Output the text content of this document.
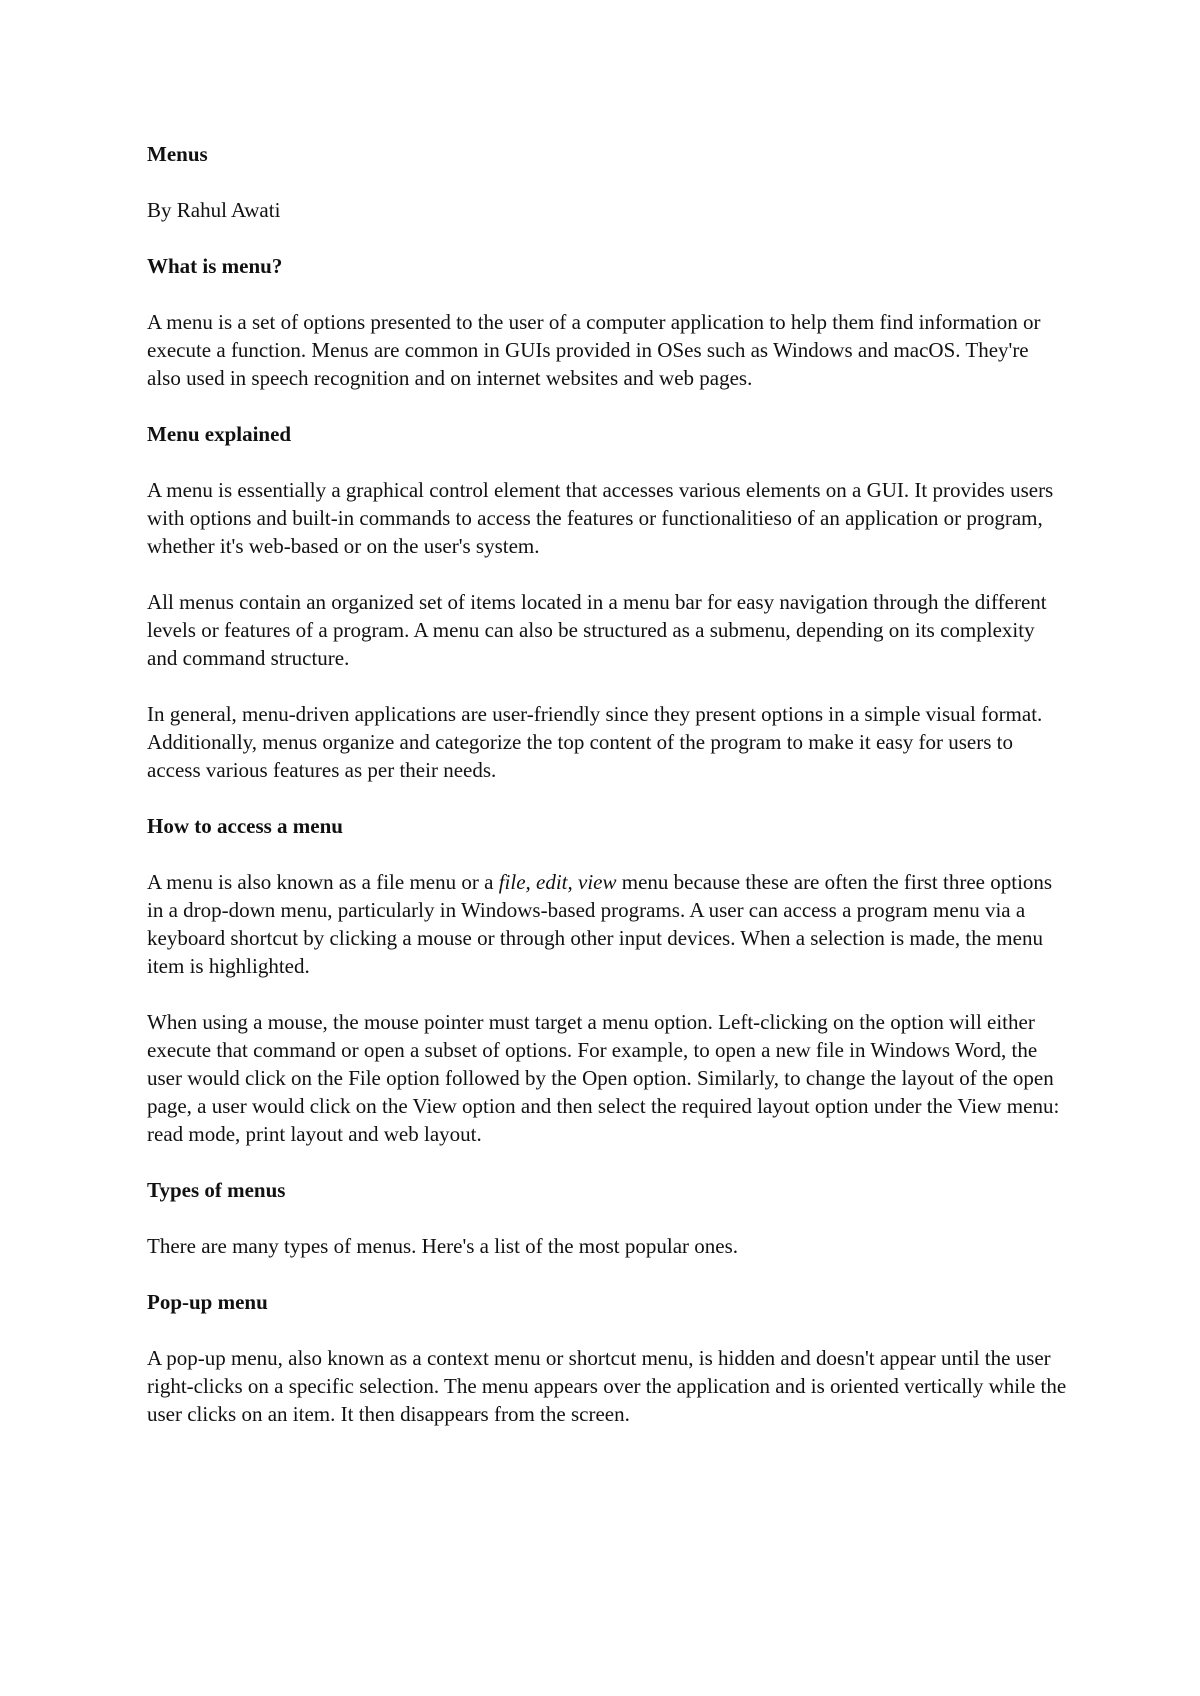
Menus

By Rahul Awati

What is menu?

A menu is a set of options presented to the user of a computer application to help them find information or execute a function. Menus are common in GUIs provided in OSes such as Windows and macOS. They're also used in speech recognition and on internet websites and web pages.

Menu explained

A menu is essentially a graphical control element that accesses various elements on a GUI. It provides users with options and built-in commands to access the features or functionalitieso of an application or program, whether it's web-based or on the user's system.

All menus contain an organized set of items located in a menu bar for easy navigation through the different levels or features of a program. A menu can also be structured as a submenu, depending on its complexity and command structure.

In general, menu-driven applications are user-friendly since they present options in a simple visual format. Additionally, menus organize and categorize the top content of the program to make it easy for users to access various features as per their needs.

How to access a menu

A menu is also known as a file menu or a file, edit, view menu because these are often the first three options in a drop-down menu, particularly in Windows-based programs. A user can access a program menu via a keyboard shortcut by clicking a mouse or through other input devices. When a selection is made, the menu item is highlighted.

When using a mouse, the mouse pointer must target a menu option. Left-clicking on the option will either execute that command or open a subset of options. For example, to open a new file in Windows Word, the user would click on the File option followed by the Open option. Similarly, to change the layout of the open page, a user would click on the View option and then select the required layout option under the View menu: read mode, print layout and web layout.

Types of menus

There are many types of menus. Here's a list of the most popular ones.

Pop-up menu

A pop-up menu, also known as a context menu or shortcut menu, is hidden and doesn't appear until the user right-clicks on a specific selection. The menu appears over the application and is oriented vertically while the user clicks on an item. It then disappears from the screen.
